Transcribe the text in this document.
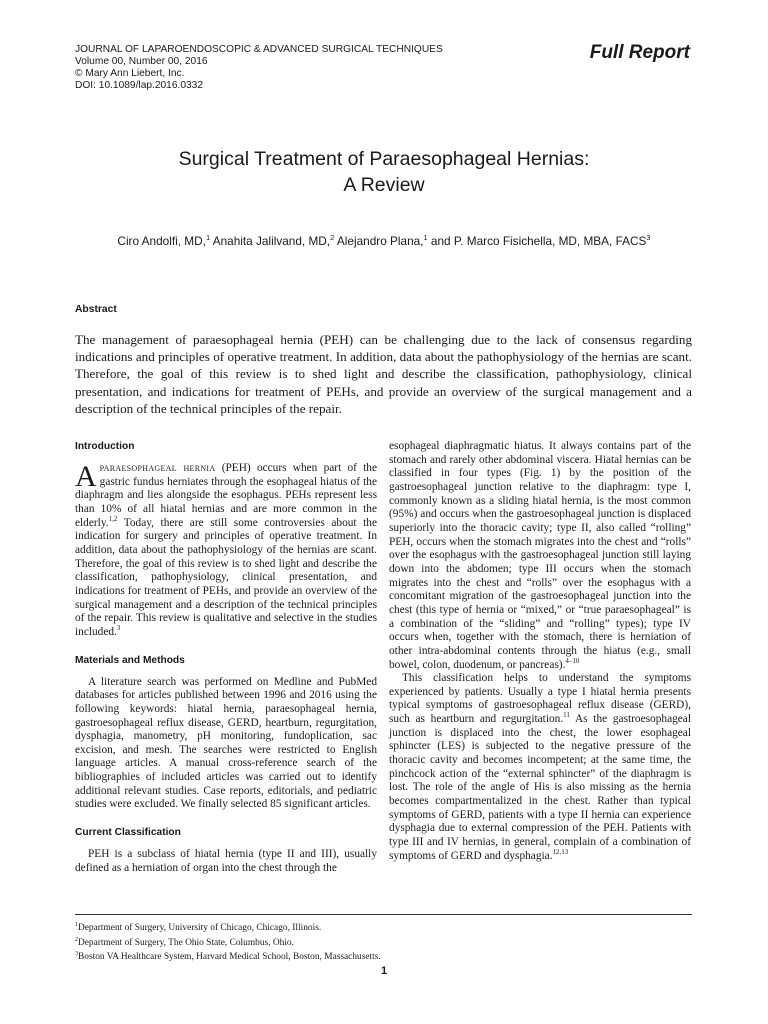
JOURNAL OF LAPAROENDOSCOPIC & ADVANCED SURGICAL TECHNIQUES
Volume 00, Number 00, 2016
© Mary Ann Liebert, Inc.
DOI: 10.1089/lap.2016.0332
Full Report
Surgical Treatment of Paraesophageal Hernias:
A Review
Ciro Andolfi, MD,$^1$ Anahita Jalilvand, MD,$^2$ Alejandro Plana,$^1$ and P. Marco Fisichella, MD, MBA, FACS$^3$
Abstract
The management of paraesophageal hernia (PEH) can be challenging due to the lack of consensus regarding indications and principles of operative treatment. In addition, data about the pathophysiology of the hernias are scant. Therefore, the goal of this review is to shed light and describe the classification, pathophysiology, clinical presentation, and indications for treatment of PEHs, and provide an overview of the surgical management and a description of the technical principles of the repair.
Introduction

Aparaesophageal hernia (PEH) occurs when part of the gastric fundus herniates through the esophageal hiatus of the diaphragm and lies alongside the esophagus. PEHs represent less than 10% of all hiatal hernias and are more common in the elderly.$^{1,2}$ Today, there are still some controversies about the indication for surgery and principles of operative treatment. In addition, data about the pathophysiology of the hernias are scant. Therefore, the goal of this review is to shed light and describe the classification, pathophysiology, clinical presentation, and indications for treatment of PEHs, and provide an overview of the surgical management and a description of the technical principles of the repair. This review is qualitative and selective in the studies included.$^3$

Materials and Methods

A literature search was performed on Medline and PubMed databases for articles published between 1996 and 2016 using the following keywords: hiatal hernia, paraesophageal hernia, gastroesophageal reflux disease, GERD, heartburn, regurgitation, dysphagia, manometry, pH monitoring, fundoplication, sac excision, and mesh. The searches were restricted to English language articles. A manual cross-reference search of the bibliographies of included articles was carried out to identify additional relevant studies. Case reports, editorials, and pediatric studies were excluded. We finally selected 85 significant articles.

Current Classification

PEH is a subclass of hiatal hernia (type II and III), usually defined as a herniation of organ into the chest through the

esophageal diaphragmatic hiatus. It always contains part of the stomach and rarely other abdominal viscera. Hiatal hernias can be classified in four types (Fig. 1) by the position of the gastroesophageal junction relative to the diaphragm: type I, commonly known as a sliding hiatal hernia, is the most common (95%) and occurs when the gastroesophageal junction is displaced superiorly into the thoracic cavity; type II, also called “rolling” PEH, occurs when the stomach migrates into the chest and “rolls” over the esophagus with the gastroesophageal junction still laying down into the abdomen; type III occurs when the stomach migrates into the chest and “rolls” over the esophagus with a concomitant migration of the gastroesophageal junction into the chest (this type of hernia or “mixed,” or “true paraesophageal” is a combination of the “sliding” and “rolling” types); type IV occurs when, together with the stomach, there is herniation of other intra-abdominal contents through the hiatus (e.g., small bowel, colon, duodenum, or pancreas).$^{4-10}$

This classification helps to understand the symptoms experienced by patients. Usually a type I hiatal hernia presents typical symptoms of gastroesophageal reflux disease (GERD), such as heartburn and regurgitation.$^{11}$ As the gastroesophageal junction is displaced into the chest, the lower esophageal sphincter (LES) is subjected to the negative pressure of the thoracic cavity and becomes incompetent; at the same time, the pinchcock action of the “external sphincter” of the diaphragm is lost. The role of the angle of His is also missing as the hernia becomes compartmentalized in the chest. Rather than typical symptoms of GERD, patients with a type II hernia can experience dysphagia due to external compression of the PEH. Patients with type III and IV hernias, in general, complain of a combination of symptoms of GERD and dysphagia.$^{12,13}$

$^1$Department of Surgery, University of Chicago, Chicago, Illinois.
$^2$Department of Surgery, The Ohio State, Columbus, Ohio.
$^3$Boston VA Healthcare System, Harvard Medical School, Boston, Massachusetts.
1
